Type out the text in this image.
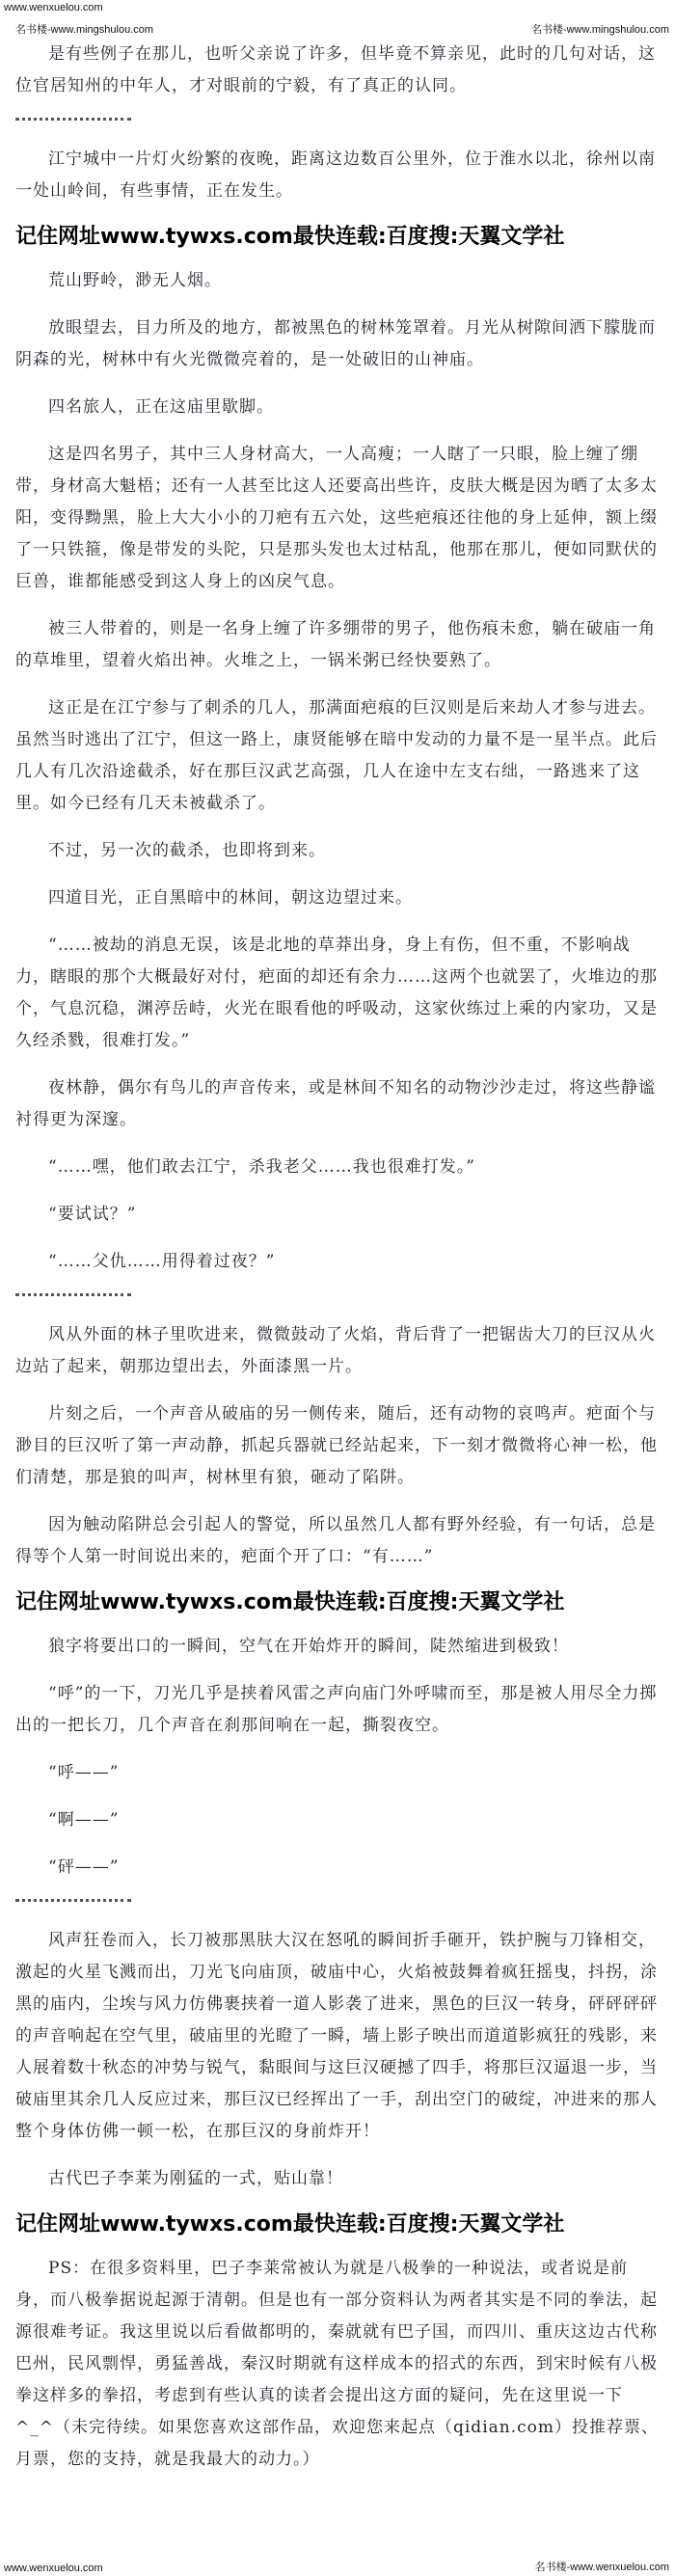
www.wenxuelou.com
名书楼-www.mingshulou.com	名书楼-www.mingshulou.com

是有些例子在那儿，也听父亲说了许多，但毕竟不算亲见，此时的几句对话，这位官居知州的中年人，才对眼前的宁毅，有了真正的认同。

江宁城中一片灯火纷繁的夜晚，距离这边数百公里外，位于淮水以北，徐州以南一处山岭间，有些事情，正在发生。

记住网址www.tywxs.com最快连载:百度搜:天翼文学社

荒山野岭，渺无人烟。

放眼望去，目力所及的地方，都被黑色的树林笼罩着。月光从树隙间洒下朦胧而阴森的光，树林中有火光微微亮着的，是一处破旧的山神庙。

四名旅人，正在这庙里歇脚。

这是四名男子，其中三人身材高大，一人高瘦；一人瞎了一只眼，脸上缠了绷带，身材高大魁梧；还有一人甚至比这人还要高出些许，皮肤大概是因为晒了太多太阳，变得黝黑，脸上大大小小的刀疤有五六处，这些疤痕还往他的身上延伸，额上缀了一只铁箍，像是带发的头陀，只是那头发也太过枯乱，他那在那儿，便如同默伏的巨兽，谁都能感受到这人身上的凶戾气息。

被三人带着的，则是一名身上缠了许多绷带的男子，他伤痕未愈，躺在破庙一角的草堆里，望着火焰出神。火堆之上，一锅米粥已经快要熟了。

这正是在江宁参与了刺杀的几人，那满面疤痕的巨汉则是后来劫人才参与进去。虽然当时逃出了江宁，但这一路上，康贤能够在暗中发动的力量不是一星半点。此后几人有几次沿途截杀，好在那巨汉武艺高强，几人在途中左支右绌，一路逃来了这里。如今已经有几天未被截杀了。

不过，另一次的截杀，也即将到来。

四道目光，正自黑暗中的林间，朝这边望过来。

“……被劫的消息无误，该是北地的草莽出身，身上有伤，但不重，不影响战力，瞎眼的那个大概最好对付，疤面的却还有余力……这两个也就罢了，火堆边的那个，气息沉稳，渊渟岳峙，火光在眼看他的呼吸动，这家伙练过上乘的内家功，又是久经杀戮，很难打发。”

夜林静，偶尔有鸟儿的声音传来，或是林间不知名的动物沙沙走过，将这些静谧衬得更为深邃。

“……嘿，他们敢去江宁，杀我老父……我也很难打发。”

“要试试？”

“……父仇……用得着过夜？”

风从外面的林子里吹进来，微微鼓动了火焰，背后背了一把锯齿大刀的巨汉从火边站了起来，朝那边望出去，外面漆黑一片。

片刻之后，一个声音从破庙的另一侧传来，随后，还有动物的哀鸣声。疤面个与渺目的巨汉听了第一声动静，抓起兵器就已经站起来，下一刻才微微将心神一松，他们清楚，那是狼的叫声，树林里有狼，砸动了陷阱。

因为触动陷阱总会引起人的警觉，所以虽然几人都有野外经验，有一句话，总是得等个人第一时间说出来的，疤面个开了口：“有……”

记住网址www.tywxs.com最快连载:百度搜:天翼文学社

狼字将要出口的一瞬间，空气在开始炸开的瞬间，陡然缩进到极致！

“呼”的一下，刀光几乎是挟着风雷之声向庙门外呼啸而至，那是被人用尽全力掷出的一把长刀，几个声音在刹那间响在一起，撕裂夜空。

“呼——”

“啊——”

“砰——”

风声狂卷而入，长刀被那黑肤大汉在怒吼的瞬间折手砸开，铁护腕与刀锋相交，激起的火星飞溅而出，刀光飞向庙顶，破庙中心，火焰被鼓舞着疯狂摇曳，抖拐，涂黑的庙内，尘埃与风力仿佛裹挟着一道人影袭了进来，黑色的巨汉一转身，砰砰砰砰的声音响起在空气里，破庙里的光瞪了一瞬，墙上影子映出而道道影疯狂的残影，来人展着数十秋态的冲势与锐气，黏眼间与这巨汉硬撼了四手，将那巨汉逼退一步，当破庙里其余几人反应过来，那巨汉已经挥出了一手，刮出空门的破绽，冲进来的那人整个身体仿佛一顿一松，在那巨汉的身前炸开！

古代巴子李莱为刚猛的一式，贴山靠！

记住网址www.tywxs.com最快连载:百度搜:天翼文学社

PS：在很多资料里，巴子李莱常被认为就是八极拳的一种说法，或者说是前身，而八极拳据说起源于清朝。但是也有一部分资料认为两者其实是不同的拳法，起源很难考证。我这里说以后看做都明的，秦就就有巴子国，而四川、重庆这边古代称巴州，民风剽悍，勇猛善战，秦汉时期就有这样成本的招式的东西，到宋时候有八极拳这样多的拳招，考虑到有些认真的读者会提出这方面的疑问，先在这里说一下^_^（未完待续。如果您喜欢这部作品，欢迎您来起点（qidian.com）投推荐票、月票，您的支持，就是我最大的动力。）

www.wenxuelou.com	名书楼-www.wenxuelou.com
